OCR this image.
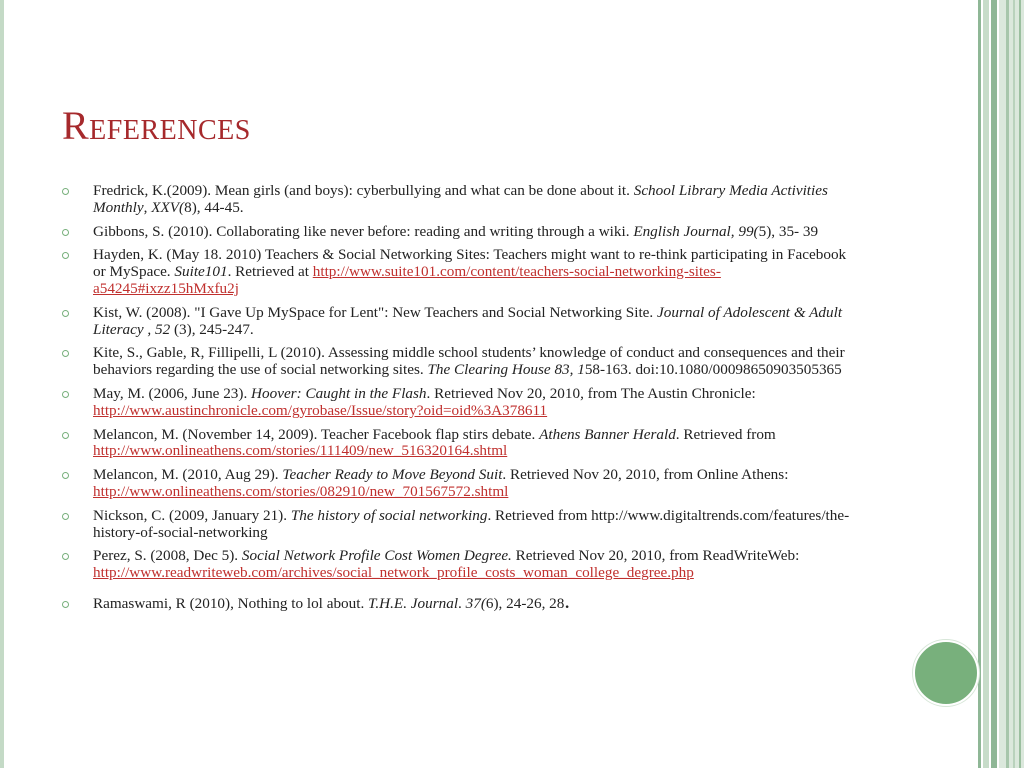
References
Fredrick, K.(2009). Mean girls (and boys): cyberbullying and what can be done about it. School Library Media Activities Monthly, XXV(8), 44-45.
Gibbons, S. (2010). Collaborating like never before: reading and writing through a wiki. English Journal, 99(5), 35- 39
Hayden, K. (May 18. 2010) Teachers & Social Networking Sites: Teachers might want to re-think participating in Facebook or MySpace. Suite101. Retrieved at http://www.suite101.com/content/teachers-social-networking-sites-a54245#ixzz15hMxfu2j
Kist, W. (2008). "I Gave Up MySpace for Lent": New Teachers and Social Networking Site. Journal of Adolescent & Adult Literacy , 52 (3), 245-247.
Kite, S., Gable, R, Fillipelli, L (2010). Assessing middle school students’ knowledge of conduct and consequences and their behaviors regarding the use of social networking sites. The Clearing House 83, 158-163. doi:10.1080/00098650903505365
May, M. (2006, June 23). Hoover: Caught in the Flash. Retrieved Nov 20, 2010, from The Austin Chronicle: http://www.austinchronicle.com/gyrobase/Issue/story?oid=oid%3A378611
Melancon, M. (November 14, 2009). Teacher Facebook flap stirs debate. Athens Banner Herald. Retrieved from http://www.onlineathens.com/stories/111409/new_516320164.shtml
Melancon, M. (2010, Aug 29). Teacher Ready to Move Beyond Suit. Retrieved Nov 20, 2010, from Online Athens: http://www.onlineathens.com/stories/082910/new_701567572.shtml
Nickson, C. (2009, January 21). The history of social networking. Retrieved from http://www.digitaltrends.com/features/the-history-of-social-networking
Perez, S. (2008, Dec 5). Social Network Profile Cost Women Degree. Retrieved Nov 20, 2010, from ReadWriteWeb:
http://www.readwriteweb.com/archives/social_network_profile_costs_woman_college_degree.php
Ramaswami, R (2010), Nothing to lol about. T.H.E. Journal. 37(6), 24-26, 28.
